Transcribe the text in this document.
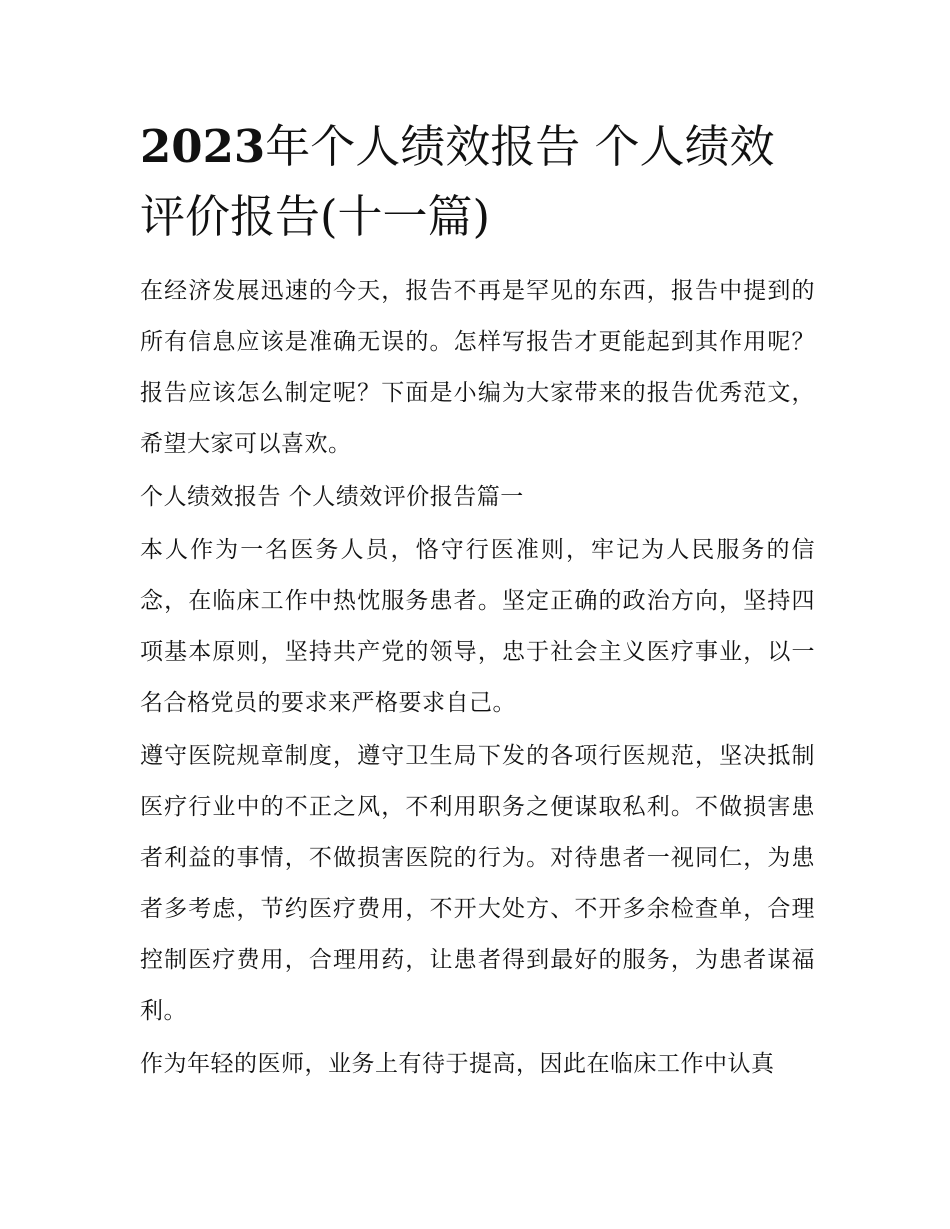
2023年个人绩效报告 个人绩效评价报告(十一篇)

在经济发展迅速的今天，报告不再是罕见的东西，报告中提到的所有信息应该是准确无误的。怎样写报告才更能起到其作用呢？报告应该怎么制定呢？下面是小编为大家带来的报告优秀范文，希望大家可以喜欢。

个人绩效报告 个人绩效评价报告篇一

本人作为一名医务人员，恪守行医准则，牢记为人民服务的信念，在临床工作中热忱服务患者。坚定正确的政治方向，坚持四项基本原则，坚持共产党的领导，忠于社会主义医疗事业，以一名合格党员的要求来严格要求自己。

遵守医院规章制度，遵守卫生局下发的各项行医规范，坚决抵制医疗行业中的不正之风，不利用职务之便谋取私利。不做损害患者利益的事情，不做损害医院的行为。对待患者一视同仁，为患者多考虑，节约医疗费用，不开大处方、不开多余检查单，合理控制医疗费用，合理用药，让患者得到最好的服务，为患者谋福利。

作为年轻的医师，业务上有待于提高，因此在临床工作中认真
